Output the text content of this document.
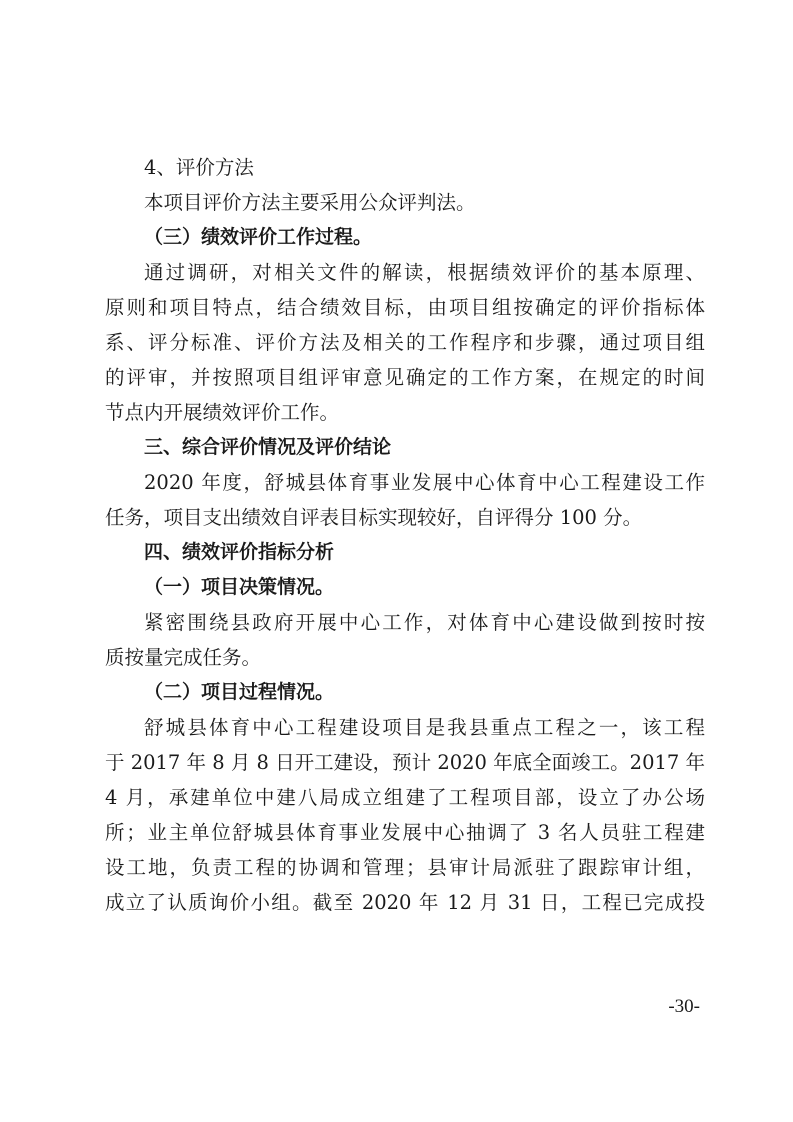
4、评价方法
本项目评价方法主要采用公众评判法。
（三）绩效评价工作过程。
通过调研，对相关文件的解读，根据绩效评价的基本原理、
原则和项目特点，结合绩效目标，由项目组按确定的评价指标体
系、评分标准、评价方法及相关的工作程序和步骤，通过项目组
的评审，并按照项目组评审意见确定的工作方案，在规定的时间
节点内开展绩效评价工作。
三、综合评价情况及评价结论
2020 年度，舒城县体育事业发展中心体育中心工程建设工作
任务，项目支出绩效自评表目标实现较好，自评得分 100 分。
四、绩效评价指标分析
（一）项目决策情况。
紧密围绕县政府开展中心工作，对体育中心建设做到按时按
质按量完成任务。
（二）项目过程情况。
舒城县体育中心工程建设项目是我县重点工程之一，该工程
于 2017 年 8 月 8 日开工建设，预计 2020 年底全面竣工。2017 年
4 月，承建单位中建八局成立组建了工程项目部，设立了办公场
所；业主单位舒城县体育事业发展中心抽调了 3 名人员驻工程建
设工地，负责工程的协调和管理；县审计局派驻了跟踪审计组，
成立了认质询价小组。截至 2020 年 12 月 31 日，工程已完成投
-30-
